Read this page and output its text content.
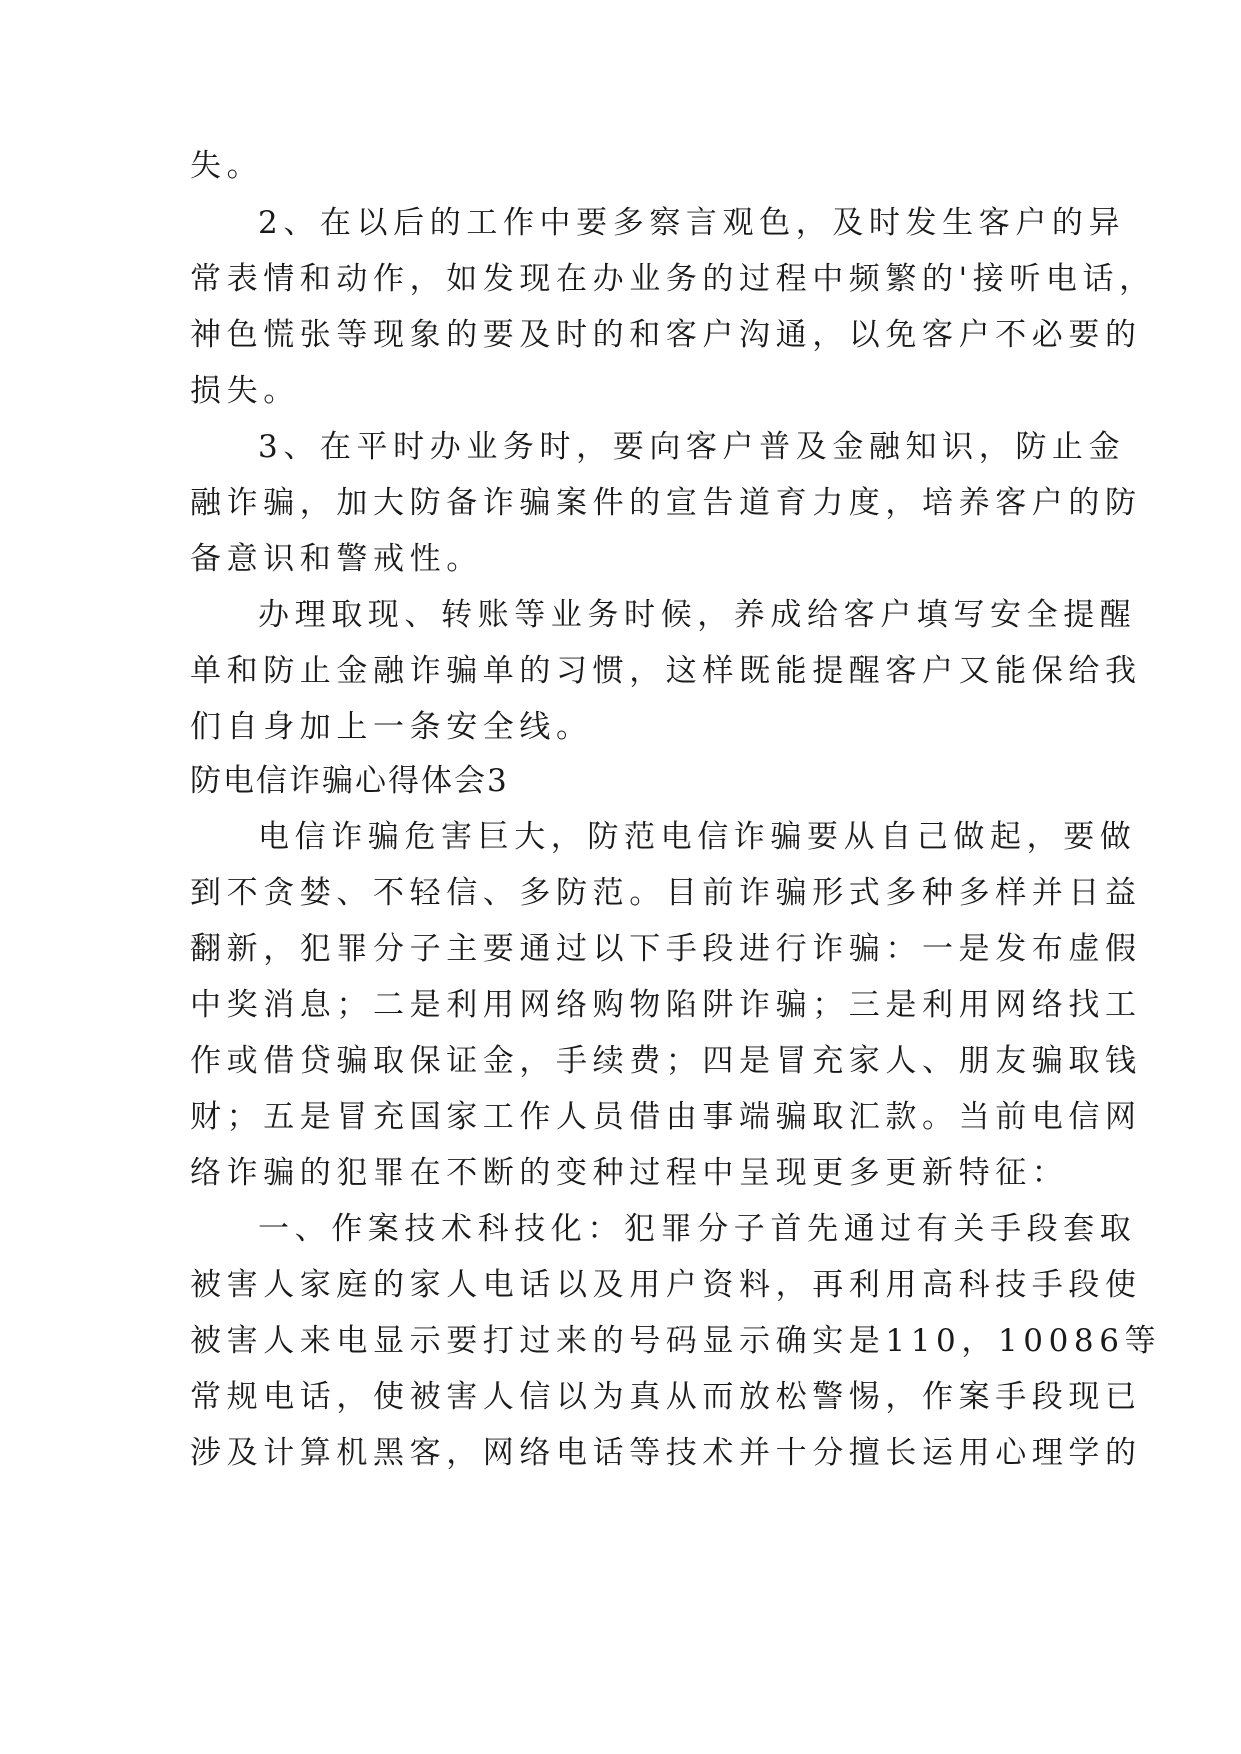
失。
2、在以后的工作中要多察言观色，及时发生客户的异
常表情和动作，如发现在办业务的过程中频繁的'接听电话，
神色慌张等现象的要及时的和客户沟通，以免客户不必要的
损失。
3、在平时办业务时，要向客户普及金融知识，防止金
融诈骗，加大防备诈骗案件的宣告道育力度，培养客户的防
备意识和警戒性。
办理取现、转账等业务时候，养成给客户填写安全提醒
单和防止金融诈骗单的习惯，这样既能提醒客户又能保给我
们自身加上一条安全线。
防电信诈骗心得体会3
电信诈骗危害巨大，防范电信诈骗要从自己做起，要做
到不贪婪、不轻信、多防范。目前诈骗形式多种多样并日益
翻新，犯罪分子主要通过以下手段进行诈骗：一是发布虚假
中奖消息；二是利用网络购物陷阱诈骗；三是利用网络找工
作或借贷骗取保证金，手续费；四是冒充家人、朋友骗取钱
财；五是冒充国家工作人员借由事端骗取汇款。当前电信网
络诈骗的犯罪在不断的变种过程中呈现更多更新特征：
一、作案技术科技化：犯罪分子首先通过有关手段套取
被害人家庭的家人电话以及用户资料，再利用高科技手段使
被害人来电显示要打过来的号码显示确实是110，10086等
常规电话，使被害人信以为真从而放松警惕，作案手段现已
涉及计算机黑客，网络电话等技术并十分擅长运用心理学的
